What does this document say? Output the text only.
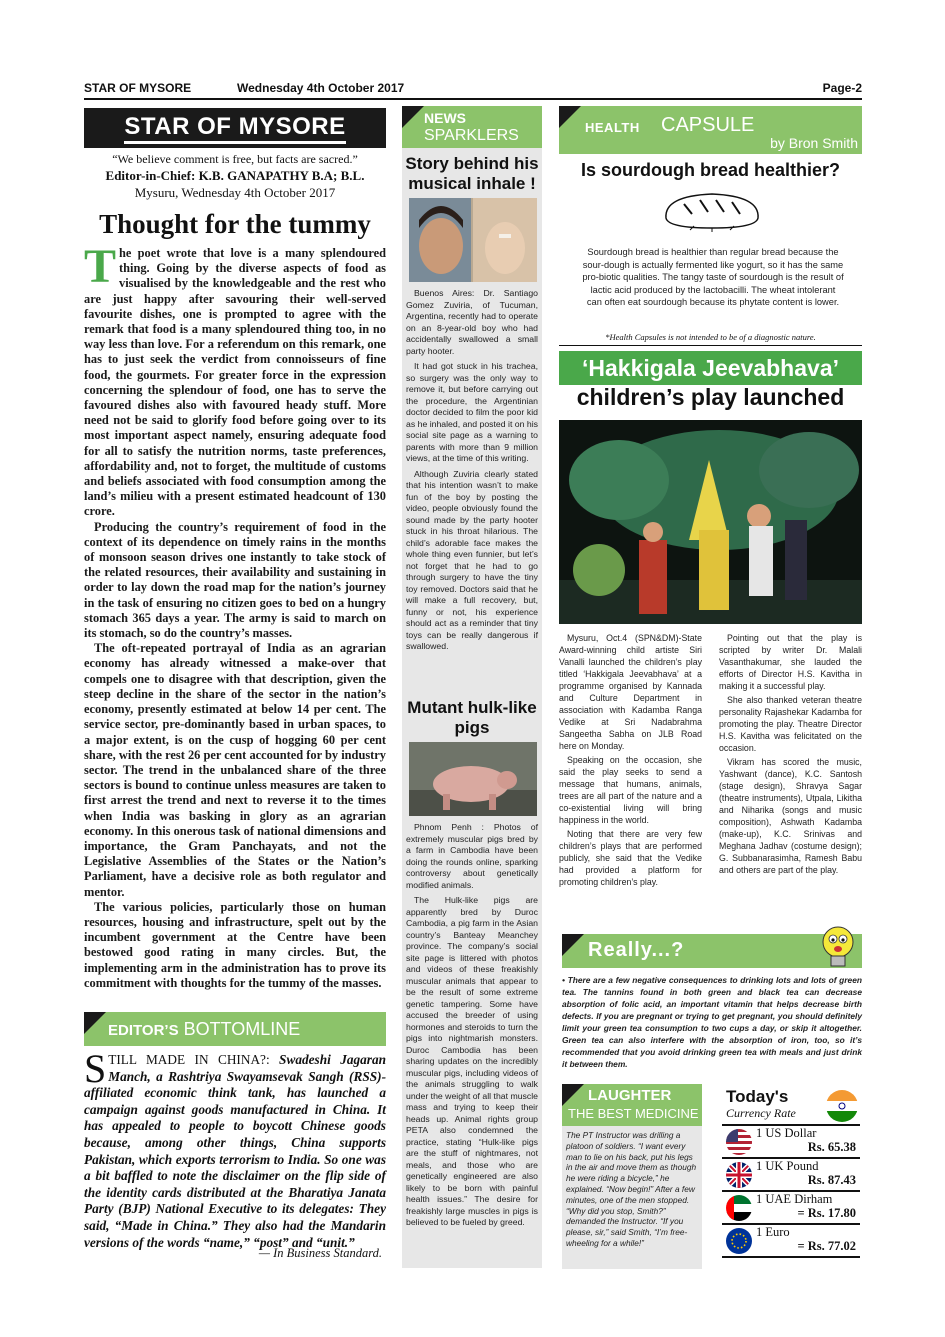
STAR OF MYSORE	Wednesday 4th October 2017	Page-2
STAR OF MYSORE
“We believe comment is free, but facts are sacred.”
Editor-in-Chief: K.B. GANAPATHY B.A; B.L.
Mysuru, Wednesday 4th October 2017
Thought for the tummy

The poet wrote that love is a many splendoured thing. Going by the diverse aspects of food as visualised by the knowledgeable and the rest who are just happy after savouring their well-served favourite dishes, one is prompted to agree with the remark that food is a many splendoured thing too, in no way less than love. For a referendum on this remark, one has to just seek the verdict from connoisseurs of fine food, the gourmets. For greater force in the expression concerning the splendour of food, one has to serve the favoured dishes also with favoured heady stuff. More need not be said to glorify food before going over to its most important aspect namely, ensuring adequate food for all to satisfy the nutrition norms, taste preferences, affordability and, not to forget, the multitude of customs and beliefs associated with food consumption among the land’s milieu with a present estimated headcount of 130 crore.

Producing the country’s requirement of food in the context of its dependence on timely rains in the months of monsoon season drives one instantly to take stock of the related resources, their availability and sustaining in order to lay down the road map for the nation’s journey in the task of ensuring no citizen goes to bed on a hungry stomach 365 days a year. The army is said to march on its stomach, so do the country’s masses.

The oft-repeated portrayal of India as an agrarian economy has already witnessed a make-over that compels one to disagree with that description, given the steep decline in the share of the sector in the nation’s economy, presently estimated at below 14 per cent. The service sector, pre-dominantly based in urban spaces, to a major extent, is on the cusp of hogging 60 per cent share, with the rest 26 per cent accounted for by industry sector. The trend in the unbalanced share of the three sectors is bound to continue unless measures are taken to first arrest the trend and next to reverse it to the times when India was basking in glory as an agrarian economy. In this onerous task of national dimensions and importance, the Gram Panchayats, and not the Legislative Assemblies of the States or the Nation’s Parliament, have a decisive role as both regulator and mentor.

The various policies, particularly those on human resources, housing and infrastructure, spelt out by the incumbent government at the Centre have been bestowed good rating in many circles. But, the implementing arm in the administration has to prove its commitment with thoughts for the tummy of the masses.

EDITOR’S BOTTOMLINE
STILL MADE IN CHINA?: Swadeshi Jagaran Manch, a Rashtriya Swayamsevak Sangh (RSS)-affiliated economic think tank, has launched a campaign against goods manufactured in China. It has appealed to people to boycott Chinese goods because, among other things, China supports Pakistan, which exports terrorism to India. So one was a bit baffled to note the disclaimer on the flip side of the identity cards distributed at the Bharatiya Janata Party (BJP) National Executive to its delegates: They said, “Made in China.” They also had the Mandarin versions of the words “name,” “post” and “unit.”
— In Business Standard.
NEWS
SPARKLERS
Story behind his musical inhale !

Buenos Aires: Dr. Santiago Gomez Zuviria, of Tucuman, Argentina, recently had to operate on an 8-year-old boy who had accidentally swallowed a small party hooter.

It had got stuck in his trachea, so surgery was the only way to remove it, but before carrying out the procedure, the Argentinian doctor decided to film the poor kid as he inhaled, and posted it on his social site page as a warning to parents with more than 9 million views, at the time of this writing.

Although Zuviria clearly stated that his intention wasn’t to make fun of the boy by posting the video, people obviously found the sound made by the party hooter stuck in his throat hilarious. The child’s adorable face makes the whole thing even funnier, but let’s not forget that he had to go through surgery to have the tiny toy removed. Doctors said that he will make a full recovery, but, funny or not, his experience should act as a reminder that tiny toys can be really dangerous if swallowed.

Mutant hulk-like pigs

Phnom Penh : Photos of extremely muscular pigs bred by a farm in Cambodia have been doing the rounds online, sparking controversy about genetically modified animals.

The Hulk-like pigs are apparently bred by Duroc Cambodia, a pig farm in the Asian country’s Banteay Meanchey province. The company’s social site page is littered with photos and videos of these freakishly muscular animals that appear to be the result of some extreme genetic tampering. Some have accused the breeder of using hormones and steroids to turn the pigs into nightmarish monsters. Duroc Cambodia has been sharing updates on the incredibly muscular pigs, including videos of the animals struggling to walk under the weight of all that muscle mass and trying to keep their heads up. Animal rights group PETA also condemned the practice, stating “Hulk-like pigs are the stuff of nightmares, not meals, and those who are genetically engineered are also likely to be born with painful health issues.” The desire for freakishly large muscles in pigs is believed to be fueled by greed.

HEALTH CAPSULE
by Bron Smith
Is sourdough bread healthier?
Sourdough bread is healthier than regular bread because the sour-dough is actually fermented like yogurt, so it has the same pro-biotic qualities. The tangy taste of sourdough is the result of lactic acid produced by the lactobacilli. The wheat intolerant can often eat sourdough because its phytate content is lower.
*Health Capsules is not intended to be of a diagnostic nature.
‘Hakkigala Jeevabhava’
children’s play launched

Mysuru, Oct.4 (SPN&DM)-State Award-winning child artiste Siri Vanalli launched the children’s play titled ‘Hakkigala Jeevabhava’ at a programme organised by Kannada and Culture Department in association with Kadamba Ranga Vedike at Sri Nadabrahma Sangeetha Sabha on JLB Road here on Monday.

Speaking on the occasion, she said the play seeks to send a message that humans, animals, trees are all part of the nature and a co-existential living will bring happiness in the world.

Noting that there are very few children’s plays that are performed publicly, she said that the Vedike had provided a platform for promoting children’s play.

Pointing out that the play is scripted by writer Dr. Malali Vasanthakumar, she lauded the efforts of Director H.S. Kavitha in making it a successful play.

She also thanked veteran theatre personality Rajashekar Kadamba for promoting the play. Theatre Director H.S. Kavitha was felicitated on the occasion.

Vikram has scored the music, Yashwant (dance), K.C. Santosh (stage design), Shravya Sagar (theatre instruments), Utpala, Likitha and Niharika (songs and music composition), Ashwath Kadamba (make-up), K.C. Srinivas and Meghana Jadhav (costume design); G. Subbanarasimha, Ramesh Babu and others are part of the play.

Really...?
• There are a few negative consequences to drinking lots and lots of green tea. The tannins found in both green and black tea can decrease absorption of folic acid, an important vitamin that helps decrease birth defects. If you are pregnant or trying to get pregnant, you should definitely limit your green tea consumption to two cups a day, or skip it altogether. Green tea can also interfere with the absorption of iron, too, so it’s recommended that you avoid drinking green tea with meals and just drink it between them.
LAUGHTER
THE BEST MEDICINE
The PT Instructor was drilling a platoon of soldiers. “I want every man to lie on his back, put his legs in the air and move them as though he were riding a bicycle,” he explained. “Now begin!” After a few minutes, one of the men stopped. “Why did you stop, Smith?” demanded the Instructor. “If you please, sir,” said Smith, “I’m free-wheeling for a while!”
Today's
Currency Rate
1 US Dollar
Rs. 65.38
1 UK Pound
Rs. 87.43
1 UAE Dirham
= Rs. 17.80
1 Euro
= Rs. 77.02
